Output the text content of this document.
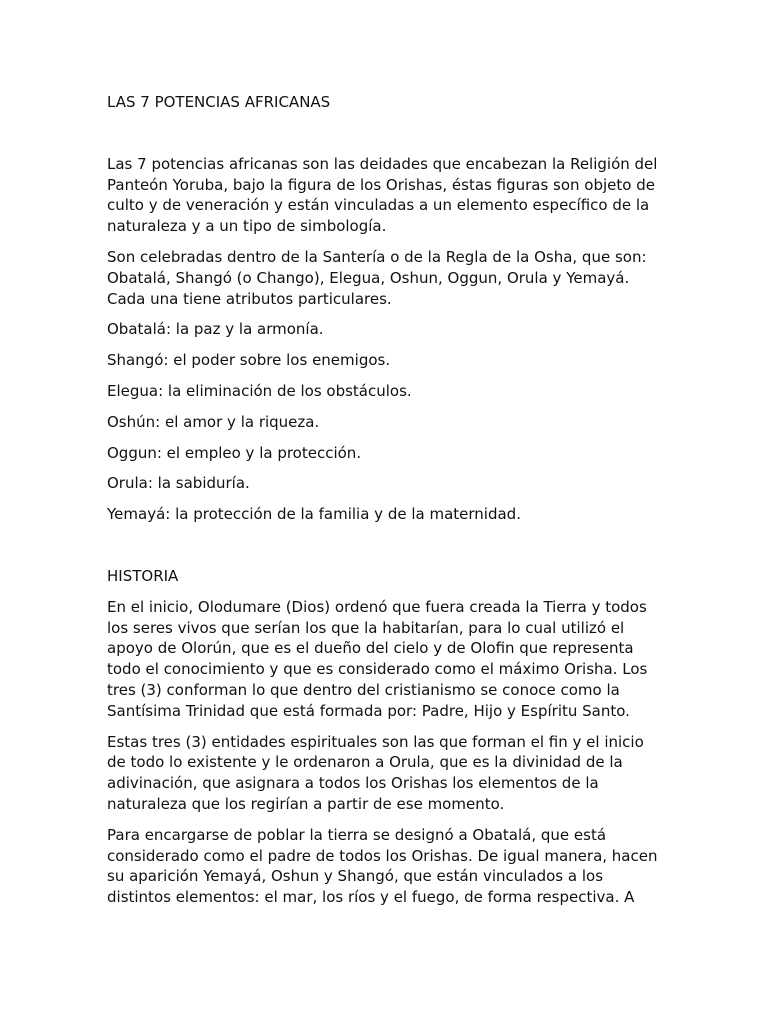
LAS 7 POTENCIAS AFRICANAS

Las 7 potencias africanas son las deidades que encabezan la Religión del Panteón Yoruba, bajo la figura de los Orishas, éstas figuras son objeto de culto y de veneración y están vinculadas a un elemento específico de la naturaleza y a un tipo de simbología.

Son celebradas dentro de la Santería o de la Regla de la Osha, que son: Obatalá, Shangó (o Chango), Elegua, Oshun, Oggun, Orula y Yemayá. Cada una tiene atributos particulares.

Obatalá: la paz y la armonía.

Shangó: el poder sobre los enemigos.

Elegua: la eliminación de los obstáculos.

Oshún: el amor y la riqueza.

Oggun: el empleo y la protección.

Orula: la sabiduría.

Yemayá: la protección de la familia y de la maternidad.

HISTORIA

En el inicio, Olodumare (Dios) ordenó que fuera creada la Tierra y todos los seres vivos que serían los que la habitarían, para lo cual utilizó el apoyo de Olorún, que es el dueño del cielo y de Olofin que representa todo el conocimiento y que es considerado como el máximo Orisha. Los tres (3) conforman lo que dentro del cristianismo se conoce como la Santísima Trinidad que está formada por: Padre, Hijo y Espíritu Santo.

Estas tres (3) entidades espirituales son las que forman el fin y el inicio de todo lo existente y le ordenaron a Orula, que es la divinidad de la adivinación, que asignara a todos los Orishas los elementos de la naturaleza que los regirían a partir de ese momento.

Para encargarse de poblar la tierra se designó a Obatalá, que está considerado como el padre de todos los Orishas. De igual manera, hacen su aparición Yemayá, Oshun y Shangó, que están vinculados a los distintos elementos: el mar, los ríos y el fuego, de forma respectiva. A
